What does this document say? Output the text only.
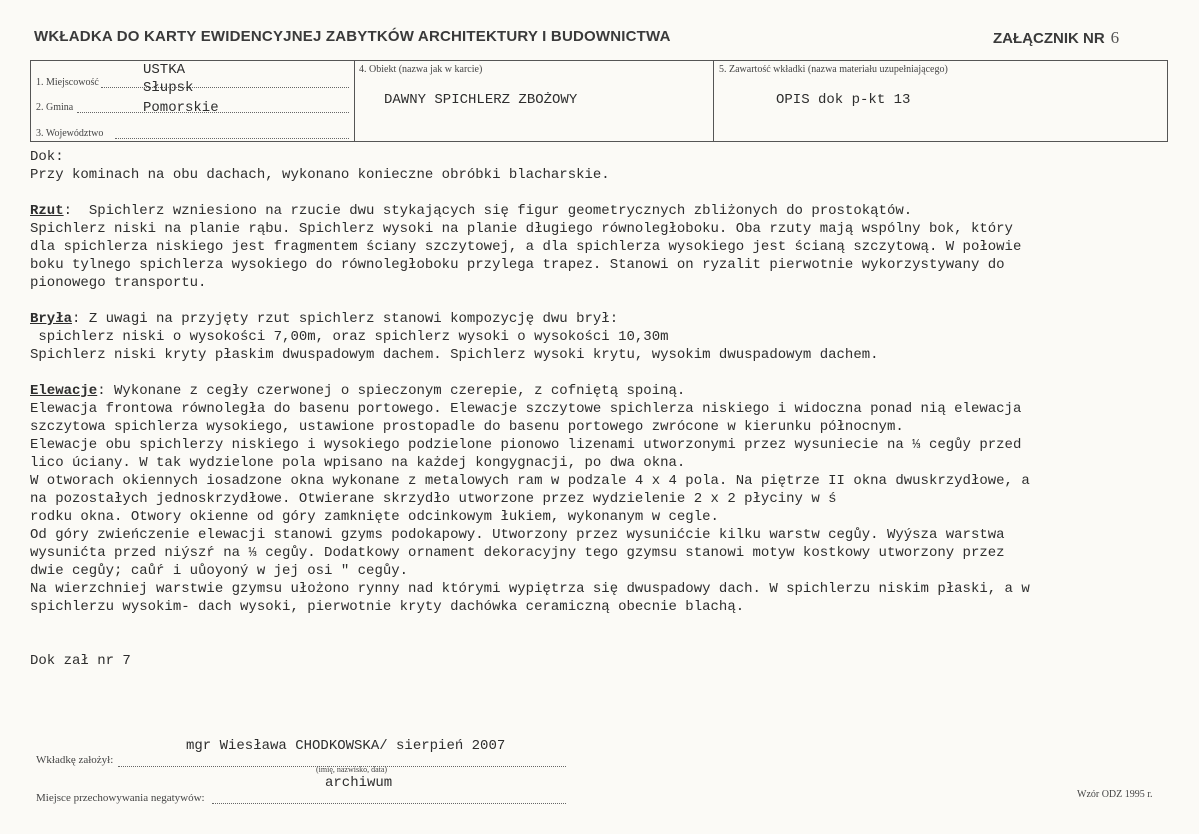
WKŁADKA DO KARTY EWIDENCYJNEJ ZABYTKÓW ARCHITEKTURY I BUDOWNICTWA	ZAŁĄCZNIK NR 6
1. Miejscowość
USTKA
2. Gmina
Słupsk
3. Województwo
Pomorskie
4. Obiekt (nazwa jak w karcie)
DAWNY SPICHLERZ ZBOŻOWY
5. Zawartość wkładki (nazwa materiału uzupełniającego)
OPIS dok p-kt 13
Dok:
Przy kominach na obu dachach, wykonano konieczne obróbki blacharskie.
Rzut:  Spichlerz wzniesiono na rzucie dwu stykających się figur geometrycznych zbliżonych do prostokątów.
Spichlerz niski na planie rąbu. Spichlerz wysoki na planie długiego równoległoboku. Oba rzuty mają wspólny bok, który
dla spichlerza niskiego jest fragmentem ściany szczytowej, a dla spichlerza wysokiego jest ścianą szczytową. W połowie
boku tylnego spichlerza wysokiego do równoległoboku przylega trapez. Stanowi on ryzalit pierwotnie wykorzystywany do
pionowego transportu.
Bryła: Z uwagi na przyjęty rzut spichlerz stanowi kompozycję dwu brył:
spichlerz niski o wysokości 7,00m, oraz spichlerz wysoki o wysokości 10,30m
Spichlerz niski kryty płaskim dwuspadowym dachem. Spichlerz wysoki krytu, wysokim dwuspadowym dachem.
Elewacje: Wykonane z cegły czerwonej o spieczonym czerepie, z cofniętą spoiną.
Elewacja frontowa równoległa do basenu portowego. Elewacje szczytowe spichlerza niskiego i widoczna ponad nią elewacja
szczytowa spichlerza wysokiego, ustawione prostopadle do basenu portowego zwrócone w kierunku północnym.
Elewacje obu spichlerzy niskiego i wysokiego podzielone pionowo lizenami utworzonymi przez wysuniecie na ⅓ cegůy przed
lico úciany. W tak wydzielone pola wpisano na każdej kongygnacji, po dwa okna.
W otworach okiennych iosadzone okna wykonane z metalowych ram w podzale 4 x 4 pola. Na piętrze II okna dwuskrzydłowe, a
na pozostałych jednoskrzydłowe. Otwierane skrzydło utworzone przez wydzielenie 2 x 2 płyciny w ś
rodku okna. Otwory okienne od góry zamknięte odcinkowym łukiem, wykonanym w cegle.
Od góry zwieńczenie elewacji stanowi gzyms podokapowy. Utworzony przez wysunićcie kilku warstw cegůy. Wyýsza warstwa
wysunićta przed niýszŕ na ⅓ cegůy. Dodatkowy ornament dekoracyjny tego gzymsu stanowi motyw kostkowy utworzony przez
dwie cegůy; caůŕ i uůoyoný w jej osi ″ cegůy.
Na wierzchniej warstwie gzymsu ułożono rynny nad którymi wypiętrza się dwuspadowy dach. W spichlerzu niskim płaski, a w
spichlerzu wysokim- dach wysoki, pierwotnie kryty dachówka ceramiczną obecnie blachą.
Dok zał nr 7
mgr Wiesława CHODKOWSKA/ sierpień 2007
Wkładkę założył:
(imię, nazwisko, data)
archiwum
Miejsce przechowywania negatywów:	Wzór ODZ 1995 r.
